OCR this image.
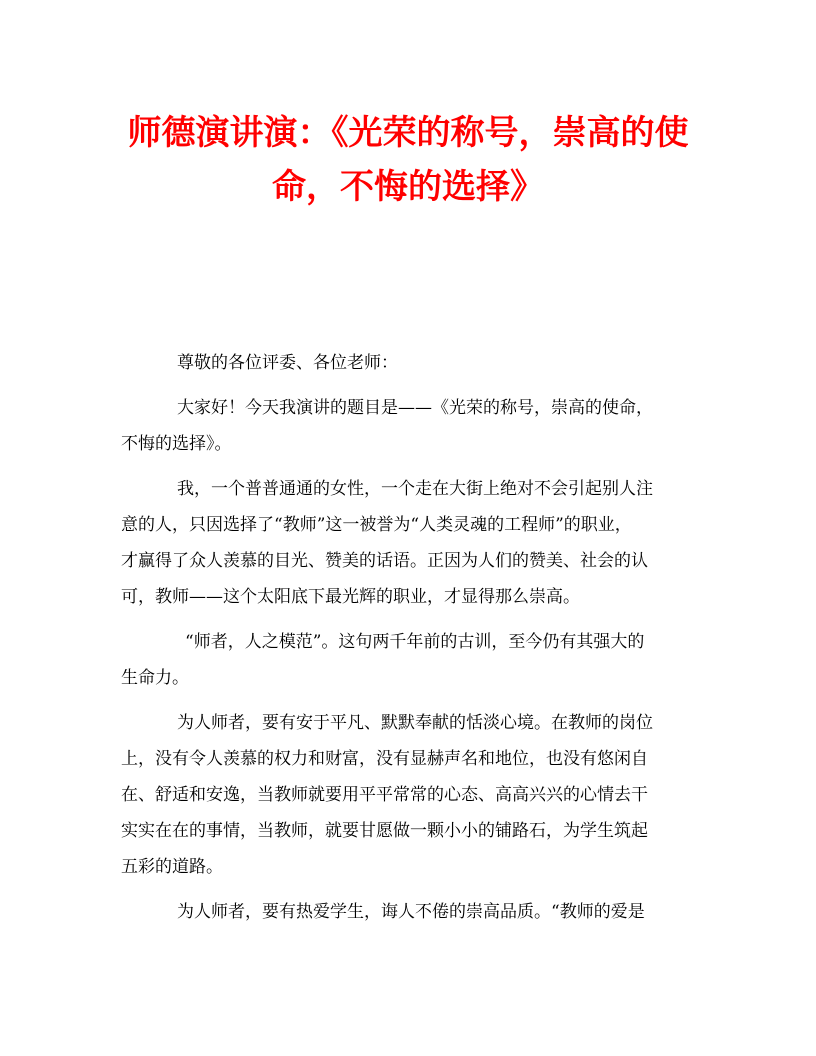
师德演讲演：《光荣的称号，崇高的使
命，不悔的选择》

尊敬的各位评委、各位老师：

大家好！今天我演讲的题目是——《光荣的称号，崇高的使命，
不悔的选择》。

我，一个普普通通的女性，一个走在大街上绝对不会引起别人注
意的人，只因选择了“教师”这一被誉为“人类灵魂的工程师”的职业，
才赢得了众人羡慕的目光、赞美的话语。正因为人们的赞美、社会的认
可，教师——这个太阳底下最光辉的职业，才显得那么崇高。

“师者，人之模范”。这句两千年前的古训，至今仍有其强大的
生命力。

为人师者，要有安于平凡、默默奉献的恬淡心境。在教师的岗位
上，没有令人羡慕的权力和财富，没有显赫声名和地位，也没有悠闲自
在、舒适和安逸，当教师就要用平平常常的心态、高高兴兴的心情去干
实实在在的事情，当教师，就要甘愿做一颗小小的铺路石，为学生筑起
五彩的道路。

为人师者，要有热爱学生，诲人不倦的崇高品质。“教师的爱是
